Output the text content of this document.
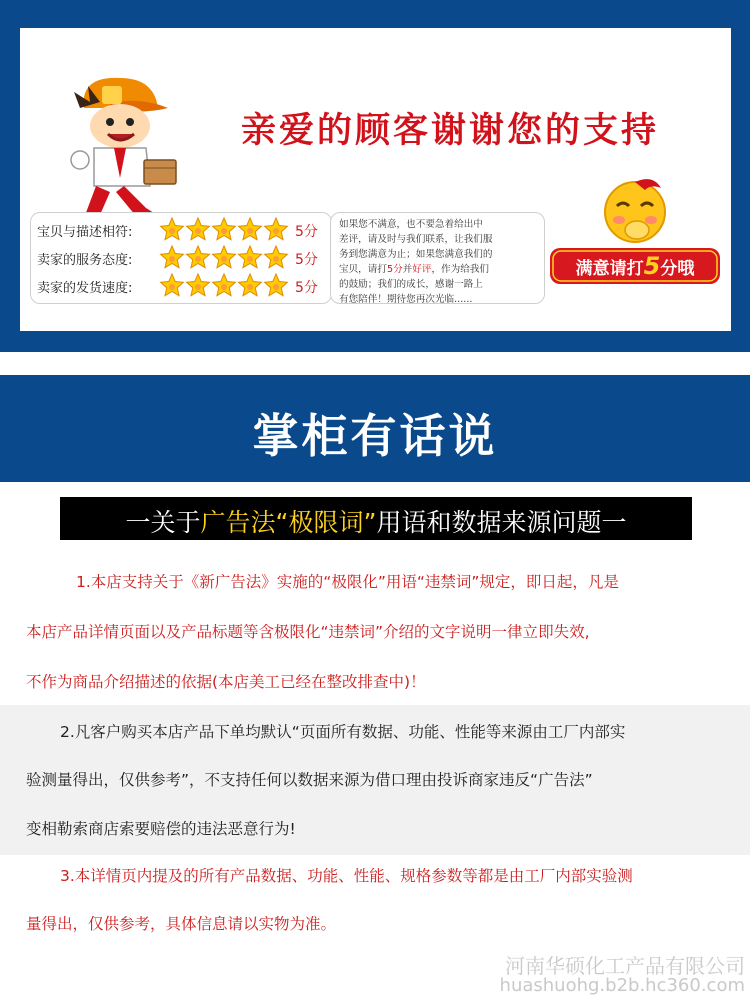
亲爱的顾客谢谢您的支持
宝贝与描述相符:	5分
卖家的服务态度:	5分
卖家的发货速度:	5分
如果您不满意，也不要急着给出中
差评，请及时与我们联系，让我们服
务到您满意为止；如果您满意我们的
宝贝，请打5分并好评，作为给我们
的鼓励；我们的成长，感谢一路上
有您陪伴！期待您再次光临......
满意请打5分哦
掌柜有话说
一关于广告法“极限词”用语和数据来源问题一
1.本店支持关于《新广告法》实施的“极限化”用语“违禁词”规定，即日起，凡是
本店产品详情页面以及产品标题等含极限化“违禁词”介绍的文字说明一律立即失效,
不作为商品介绍描述的依据(本店美工已经在整改排查中)！
2.凡客户购买本店产品下单均默认“页面所有数据、功能、性能等来源由工厂内部实
验测量得出，仅供参考”，不支持任何以数据来源为借口理由投诉商家违反“广告法”
变相勒索商店索要赔偿的违法恶意行为!
3.本详情页内提及的所有产品数据、功能、性能、规格参数等都是由工厂内部实验测
量得出，仅供参考，具体信息请以实物为准。
河南华硕化工产品有限公司
huashuohg.b2b.hc360.com
